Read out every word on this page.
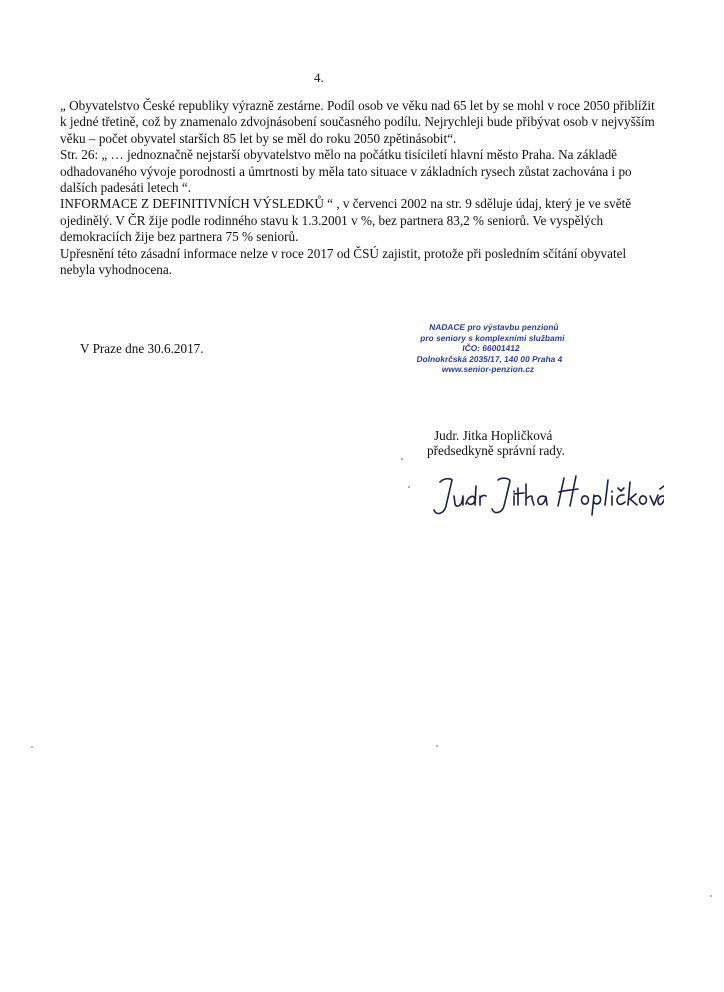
4.

„ Obyvatelstvo České republiky výrazně zestárne. Podíl osob ve věku nad 65 let by se mohl v roce 2050 přiblížit k jedné třetině, což by znamenalo zdvojnásobení současného podílu. Nejrychleji bude přibývat osob v nejvyšším věku – počet obyvatel starších 85 let by se měl do roku 2050 zpětinásobit“.

Str. 26: „ … jednoznačně nejstarší obyvatelstvo mělo na počátku tisíciletí hlavní město Praha. Na základě odhadovaného vývoje porodnosti a úmrtnosti by měla tato situace v základních rysech zůstat zachována i po dalších padesáti letech “.

INFORMACE Z DEFINITIVNÍCH VÝSLEDKŮ “ , v červenci 2002 na str. 9 sděluje údaj, který je ve světě ojedinělý. V ČR žije podle rodinného stavu k 1.3.2001 v %, bez partnera 83,2 % seniorů. Ve vyspělých demokraciích žije bez partnera 75 % seniorů.

Upřesnění této zásadní informace nelze v roce 2017 od ČSÚ zajistit, protože při posledním sčítání obyvatel nebyla vyhodnocena.

V Praze dne 30.6.2017.
NADACE pro výstavbu penzionů
pro seniory s komplexními službami
IČO: 66001412
Dolnokrčská 2035/17, 140 00 Praha 4
www.senior-penzion.cz
Judr. Jitka Hopličková
předsedkyně správní rady.
